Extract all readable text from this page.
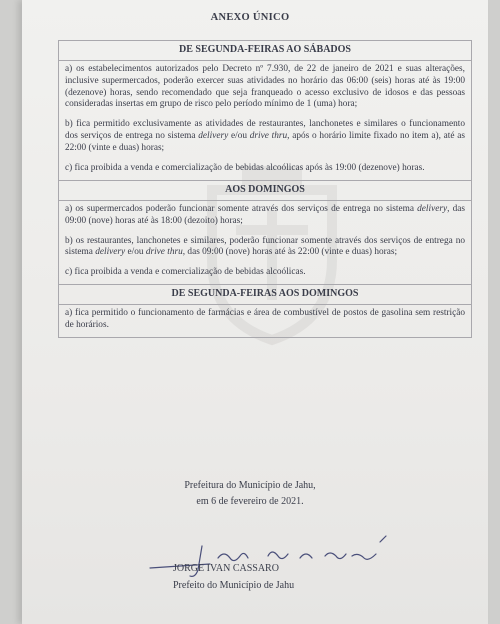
ANEXO ÚNICO
DE SEGUNDA-FEIRAS AO SÁBADOS

a) os estabelecimentos autorizados pelo Decreto nº 7.930, de 22 de janeiro de 2021 e suas alterações, inclusive supermercados, poderão exercer suas atividades no horário das 06:00 (seis) horas até às 19:00 (dezenove) horas, sendo recomendado que seja franqueado o acesso exclusivo de idosos e das pessoas consideradas insertas em grupo de risco pelo período mínimo de 1 (uma) hora;

b) fica permitido exclusivamente as atividades de restaurantes, lanchonetes e similares o funcionamento dos serviços de entrega no sistema delivery e/ou drive thru, após o horário limite fixado no item a), até as 22:00 (vinte e duas) horas;

c) fica proibida a venda e comercialização de bebidas alcoólicas após às 19:00 (dezenove) horas.

AOS DOMINGOS

a) os supermercados poderão funcionar somente através dos serviços de entrega no sistema delivery, das 09:00 (nove) horas até às 18:00 (dezoito) horas;

b) os restaurantes, lanchonetes e similares, poderão funcionar somente através dos serviços de entrega no sistema delivery e/ou drive thru, das 09:00 (nove) horas até às 22:00 (vinte e duas) horas;

c) fica proibida a venda e comercialização de bebidas alcoólicas.

DE SEGUNDA-FEIRAS AOS DOMINGOS

a) fica permitido o funcionamento de farmácias e área de combustível de postos de gasolina sem restrição de horários.

Prefeitura do Município de Jahu,
em 6 de fevereiro de 2021.
JORGE IVAN CASSARO
Prefeito do Município de Jahu
